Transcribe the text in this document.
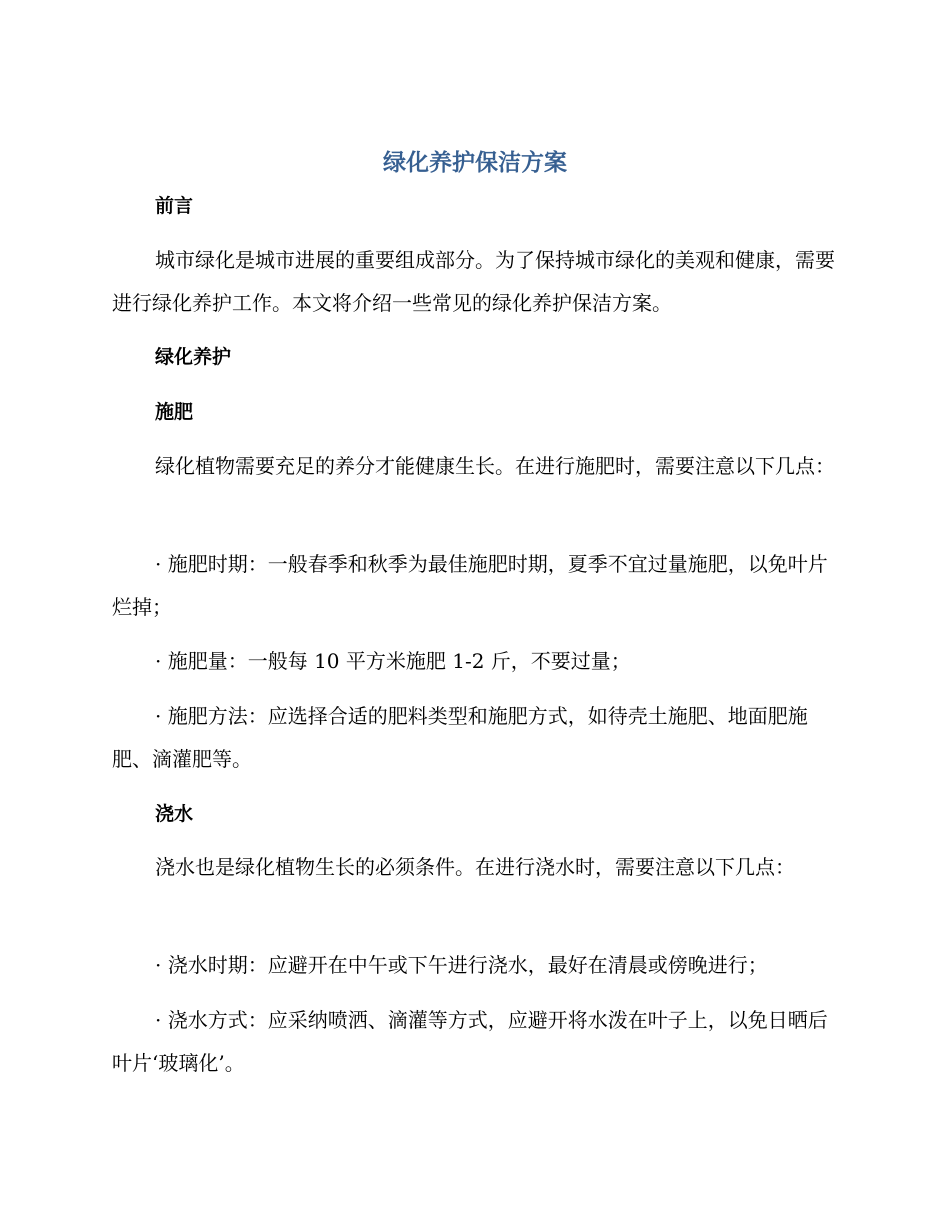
绿化养护保洁方案
前言

城市绿化是城市进展的重要组成部分。为了保持城市绿化的美观和健康，需要进行绿化养护工作。本文将介绍一些常见的绿化养护保洁方案。

绿化养护
施肥

绿化植物需要充足的养分才能健康生长。在进行施肥时，需要注意以下几点：

· 施肥时期：一般春季和秋季为最佳施肥时期，夏季不宜过量施肥，以免叶片烂掉；

· 施肥量：一般每 10 平方米施肥 1-2 斤，不要过量；

· 施肥方法：应选择合适的肥料类型和施肥方式，如待壳土施肥、地面肥施肥、滴灌肥等。

浇水

浇水也是绿化植物生长的必须条件。在进行浇水时，需要注意以下几点：

· 浇水时期：应避开在中午或下午进行浇水，最好在清晨或傍晚进行；

· 浇水方式：应采纳喷洒、滴灌等方式，应避开将水泼在叶子上，以免日晒后叶片‘玻璃化’。
